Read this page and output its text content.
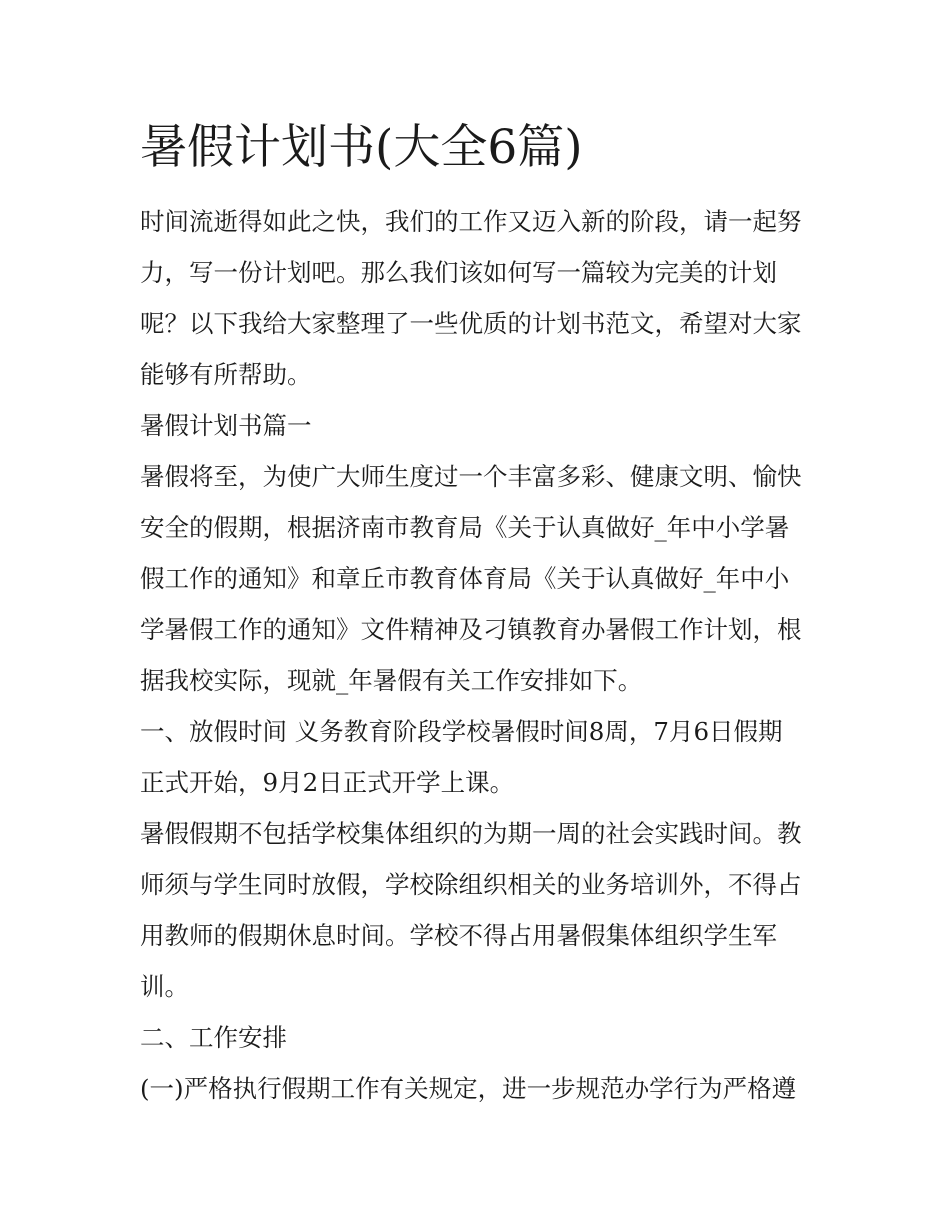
暑假计划书(大全6篇)

时间流逝得如此之快，我们的工作又迈入新的阶段，请一起努

力，写一份计划吧。那么我们该如何写一篇较为完美的计划

呢？以下我给大家整理了一些优质的计划书范文，希望对大家

能够有所帮助。

暑假计划书篇一

暑假将至，为使广大师生度过一个丰富多彩、健康文明、愉快

安全的假期，根据济南市教育局《关于认真做好_年中小学暑

假工作的通知》和章丘市教育体育局《关于认真做好_年中小

学暑假工作的通知》文件精神及刁镇教育办暑假工作计划，根

据我校实际，现就_年暑假有关工作安排如下。

一、放假时间 义务教育阶段学校暑假时间8周，7月6日假期

正式开始，9月2日正式开学上课。

暑假假期不包括学校集体组织的为期一周的社会实践时间。教

师须与学生同时放假，学校除组织相关的业务培训外，不得占

用教师的假期休息时间。学校不得占用暑假集体组织学生军

训。

二、工作安排

(一)严格执行假期工作有关规定，进一步规范办学行为严格遵
